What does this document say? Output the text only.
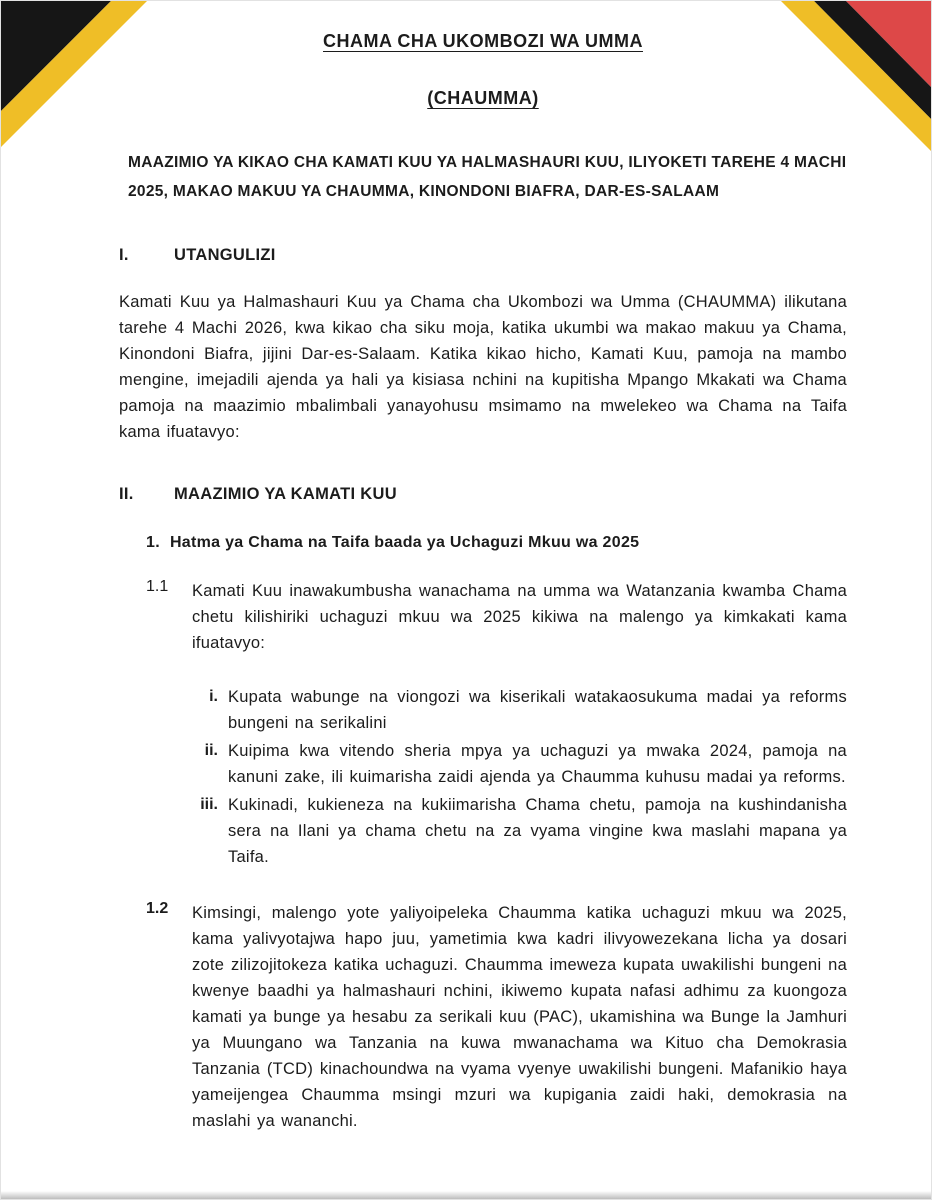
CHAMA CHA UKOMBOZI WA UMMA

(CHAUMMA)

MAAZIMIO YA KIKAO CHA KAMATI KUU YA HALMASHAURI KUU, ILIYOKETI TAREHE 4 MACHI 2025, MAKAO MAKUU YA CHAUMMA, KINONDONI BIAFRA, DAR-ES-SALAAM

I.	UTANGULIZI

Kamati Kuu ya Halmashauri Kuu ya Chama cha Ukombozi wa Umma (CHAUMMA) ilikutana tarehe 4 Machi 2026, kwa kikao cha siku moja, katika ukumbi wa makao makuu ya Chama, Kinondoni Biafra, jijini Dar-es-Salaam. Katika kikao hicho, Kamati Kuu, pamoja na mambo mengine, imejadili ajenda ya hali ya kisiasa nchini na kupitisha Mpango Mkakati wa Chama pamoja na maazimio mbalimbali yanayohusu msimamo na mwelekeo wa Chama na Taifa kama ifuatavyo:

II.	MAAZIMIO YA KAMATI KUU
1. Hatma ya Chama na Taifa baada ya Uchaguzi Mkuu wa 2025
1.1	Kamati Kuu inawakumbusha wanachama na umma wa Watanzania kwamba Chama chetu kilishiriki uchaguzi mkuu wa 2025 kikiwa na malengo ya kimkakati kama ifuatavyo:
i. Kupata wabunge na viongozi wa kiserikali watakaosukuma madai ya reforms bungeni na serikalini
ii. Kuipima kwa vitendo sheria mpya ya uchaguzi ya mwaka 2024, pamoja na kanuni zake, ili kuimarisha zaidi ajenda ya Chaumma kuhusu madai ya reforms.
iii. Kukinadi, kukieneza na kukiimarisha Chama chetu, pamoja na kushindanisha sera na Ilani ya chama chetu na za vyama vingine kwa maslahi mapana ya Taifa.
1.2	Kimsingi, malengo yote yaliyoipeleka Chaumma katika uchaguzi mkuu wa 2025, kama yalivyotajwa hapo juu, yametimia kwa kadri ilivyowezekana licha ya dosari zote zilizojitokeza katika uchaguzi. Chaumma imeweza kupata uwakilishi bungeni na kwenye baadhi ya halmashauri nchini, ikiwemo kupata nafasi adhimu za kuongoza kamati ya bunge ya hesabu za serikali kuu (PAC), ukamishina wa Bunge la Jamhuri ya Muungano wa Tanzania na kuwa mwanachama wa Kituo cha Demokrasia Tanzania (TCD) kinachoundwa na vyama vyenye uwakilishi bungeni. Mafanikio haya yameijengea Chaumma msingi mzuri wa kupigania zaidi haki, demokrasia na maslahi ya wananchi.
